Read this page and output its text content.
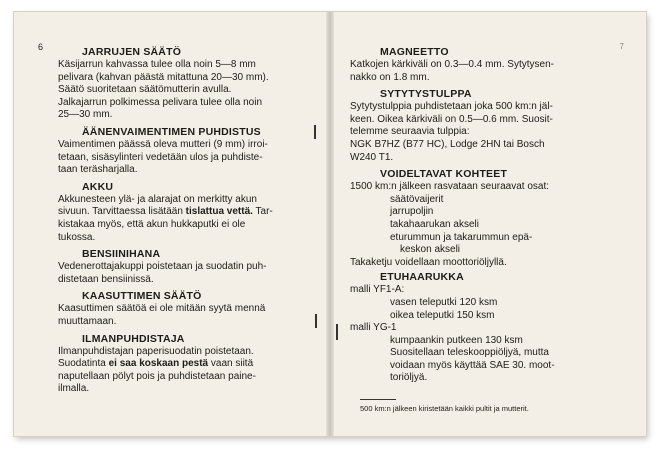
6	JARRUJEN SÄÄTÖ

Käsijarrun kahvassa tulee olla noin 5—8 mm
pelivara (kahvan päästä mitattuna 20—30 mm).
Säätö suoritetaan säätömutterin avulla.
Jalkajarrun polkimessa pelivara tulee olla noin
25—30 mm.

ÄÄNENVAIMENTIMEN PUHDISTUS

Vaimentimen päässä oleva mutteri (9 mm) irroi-
tetaan, sisäsylinteri vedetään ulos ja puhdiste-
taan teräsharjalla.

AKKU

Akkunesteen ylä- ja alarajat on merkitty akun
sivuun. Tarvittaessa lisätään tislattua vettä. Tar-
kistakaa myös, että akun hukkaputki ei ole
tukossa.

BENSIINIHANA

Vedenerottajakuppi poistetaan ja suodatin puh-
distetaan bensiinissä.

KAASUTTIMEN SÄÄTÖ

Kaasuttimen säätöä ei ole mitään syytä mennä
muuttamaan.

ILMANPUHDISTAJA

Ilmanpuhdistajan paperisuodatin poistetaan.
Suodatinta ei saa koskaan pestä vaan siitä
naputellaan pölyt pois ja puhdistetaan paine-
ilmalla.

7
MAGNEETTO

Katkojen kärkiväli on 0.3—0.4 mm. Sytytysen-
nakko on 1.8 mm.

SYTYTYSTULPPA

Sytytystulppia puhdistetaan joka 500 km:n jäl-
keen. Oikea kärkiväli on 0.5—0.6 mm. Suosit-
telemme seuraavia tulppia:
NGK B7HZ (B77 HC), Lodge 2HN tai Bosch
W240 T1.

VOIDELTAVAT KOHTEET

1500 km:n jälkeen rasvataan seuraavat osat:
säätövaijerit
jarrupoljin
takahaarukan akseli
eturummun ja takarummun epä-
keskon akseli
Takaketju voidellaan moottoriöljyllä.

ETUHAARUKKA

malli YF1-A:
vasen teleputki 120 ksm
oikea teleputki 150 ksm
malli YG-1
kumpaankin putkeen 130 ksm
Suositellaan teleskooppiöljyä, mutta
voidaan myös käyttää SAE 30. moot-
toriöljyä.

500 km:n jälkeen kiristetään kaikki pultit ja mutterit.
